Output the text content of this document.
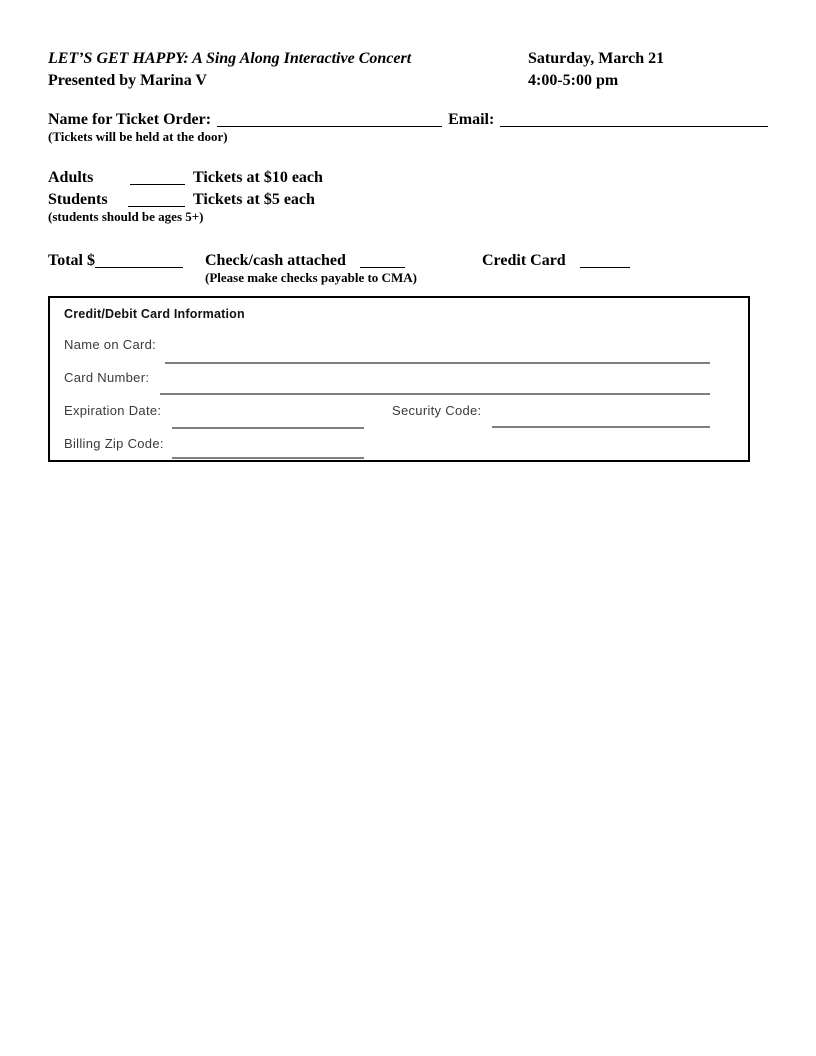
LET’S GET HAPPY: A Sing Along Interactive Concert
Presented by Marina V
Saturday, March 21
4:00-5:00 pm
Name for Ticket Order:	Email:
(Tickets will be held at the door)
Adults	Tickets at $10 each
Students	Tickets at $5 each
(students should be ages 5+)
Total $	Check/cash attached	Credit Card
(Please make checks payable to CMA)
Credit/Debit Card Information
Name on Card:
Card Number:
Expiration Date:	Security Code:
Billing Zip Code:
